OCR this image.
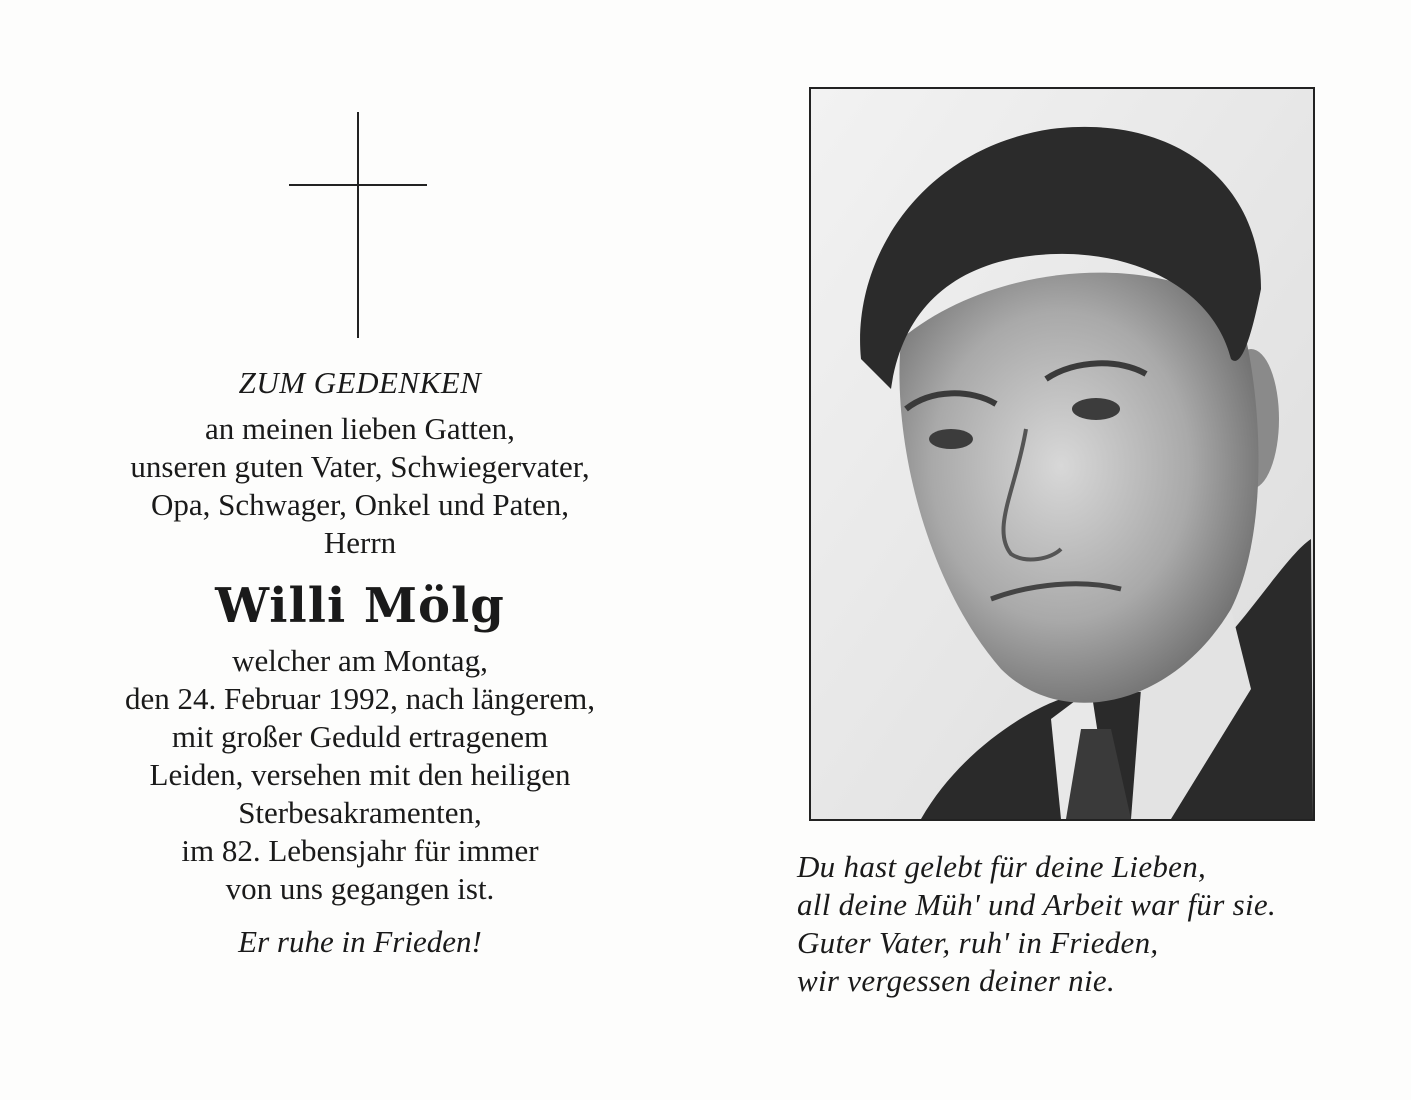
ZUM GEDENKEN

an meinen lieben Gatten,
unseren guten Vater, Schwiegervater,
Opa, Schwager, Onkel und Paten,
Herrn
Willi Mölg
welcher am Montag,
den 24. Februar 1992, nach längerem,
mit großer Geduld ertragenem
Leiden, versehen mit den heiligen
Sterbesakramenten,
im 82. Lebensjahr für immer
von uns gegangen ist.
Er ruhe in Frieden!
Du hast gelebt für deine Lieben,
all deine Müh' und Arbeit war für sie.
Guter Vater, ruh' in Frieden,
wir vergessen deiner nie.
